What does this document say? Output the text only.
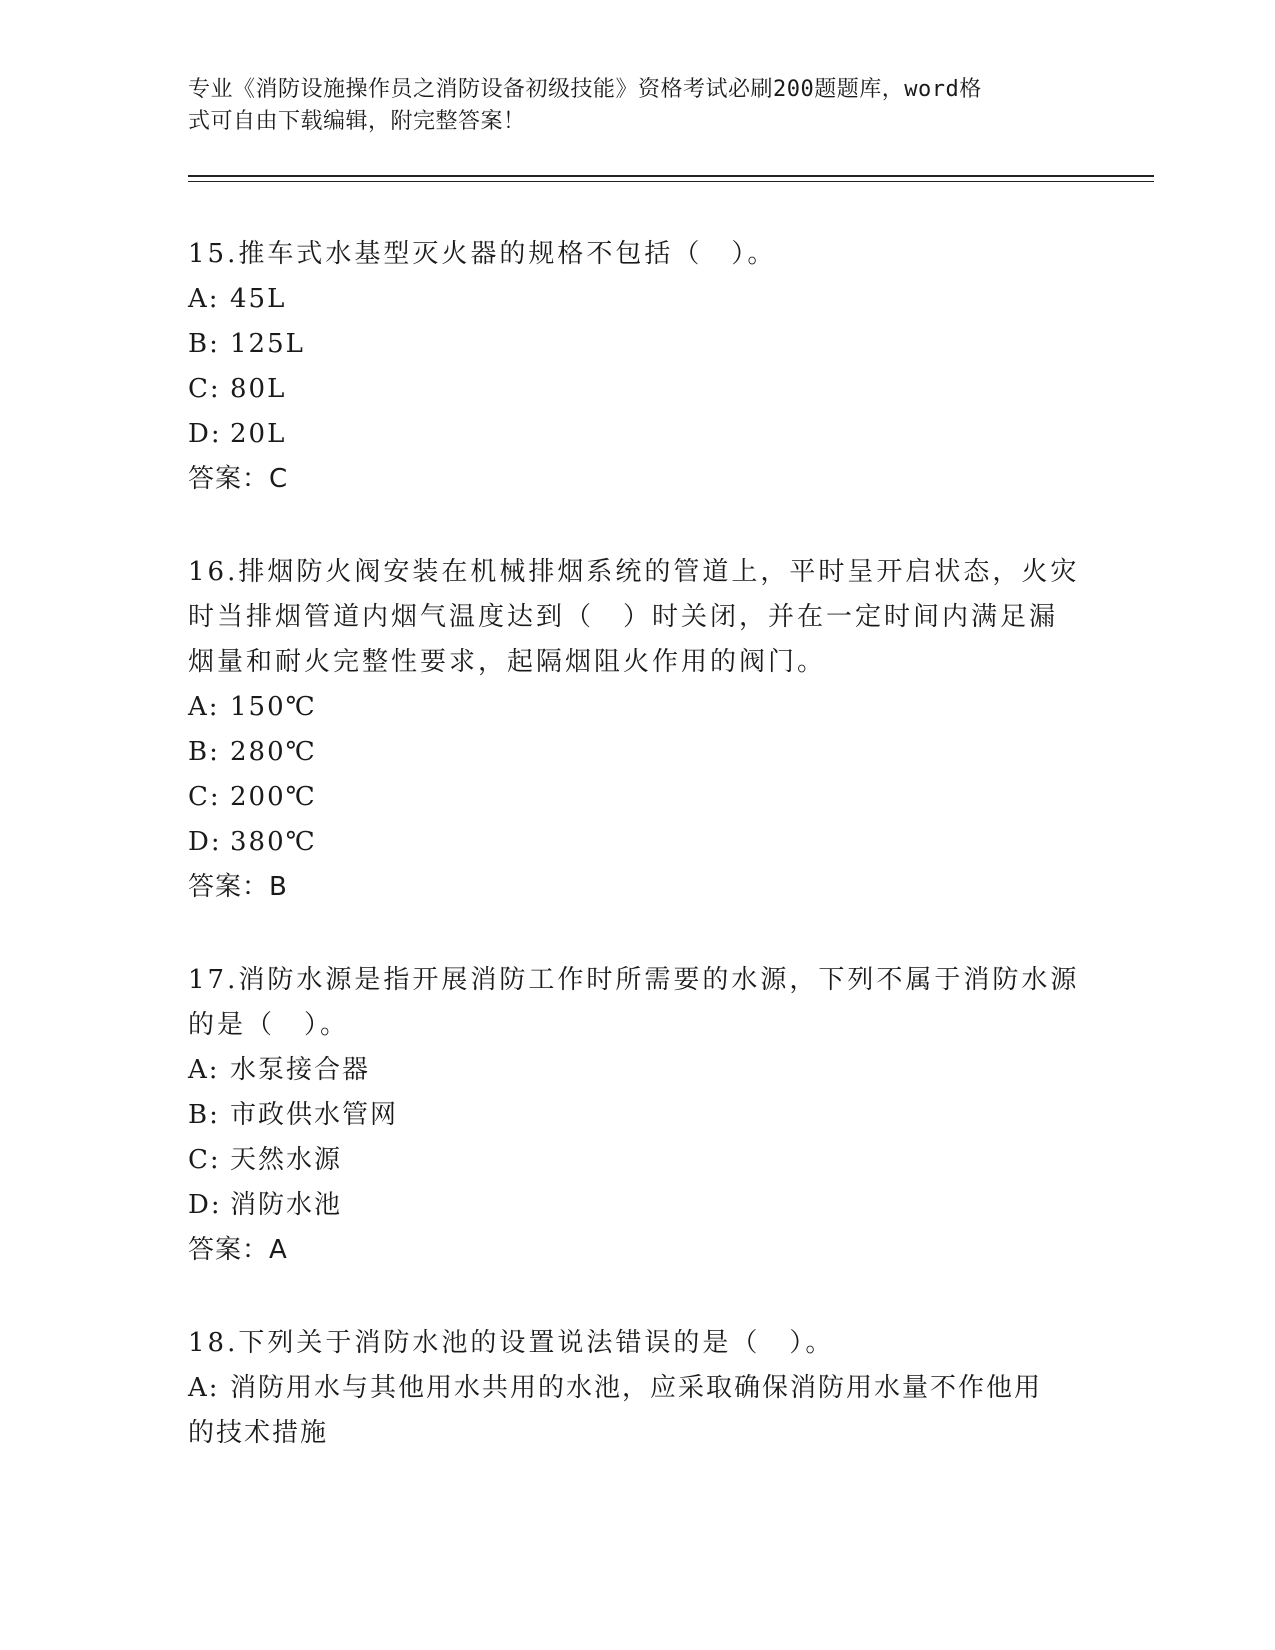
专业《消防设施操作员之消防设备初级技能》资格考试必刷200题题库，word格
式可自由下载编辑，附完整答案！
15.推车式水基型灭火器的规格不包括（　）。
A: 45L
B: 125L
C: 80L
D: 20L
答案：C
16.排烟防火阀安装在机械排烟系统的管道上，平时呈开启状态，火灾
时当排烟管道内烟气温度达到（　）时关闭，并在一定时间内满足漏
烟量和耐火完整性要求，起隔烟阻火作用的阀门。
A: 150℃
B: 280℃
C: 200℃
D: 380℃
答案：B
17.消防水源是指开展消防工作时所需要的水源，下列不属于消防水源
的是（　）。
A: 水泵接合器
B: 市政供水管网
C: 天然水源
D: 消防水池
答案：A
18.下列关于消防水池的设置说法错误的是（　）。
A: 消防用水与其他用水共用的水池，应采取确保消防用水量不作他用
的技术措施
